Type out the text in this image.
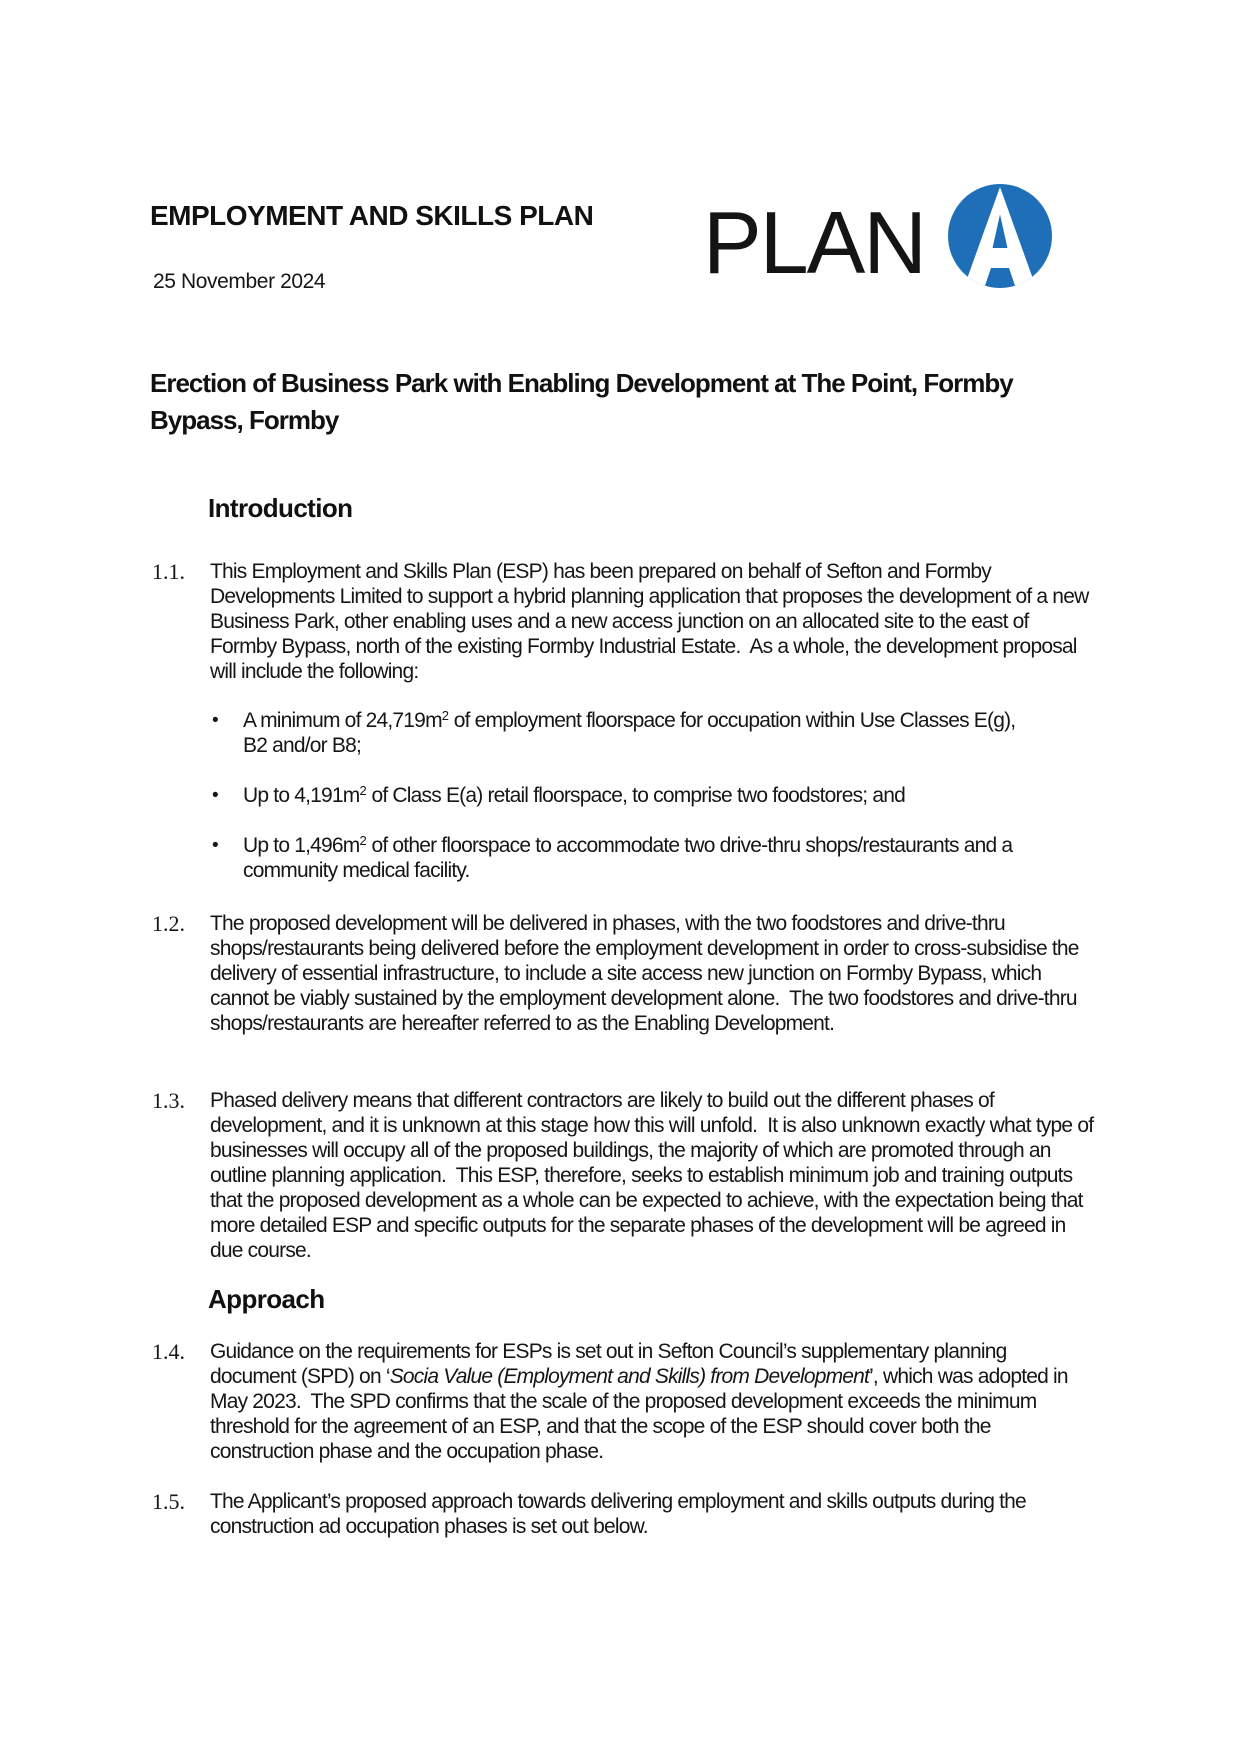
EMPLOYMENT AND SKILLS PLAN
25 November 2024	PLAN
Erection of Business Park with Enabling Development at The Point, Formby Bypass, Formby
Introduction
1.1.	This Employment and Skills Plan (ESP) has been prepared on behalf of Sefton and Formby Developments Limited to support a hybrid planning application that proposes the development of a new Business Park, other enabling uses and a new access junction on an allocated site to the east of Formby Bypass, north of the existing Formby Industrial Estate.  As a whole, the development proposal will include the following:
•	A minimum of $24,719m^2$ of employment floorspace for occupation within Use Classes E(g), B2 and/or B8;
•	Up to $4,191m^2$ of Class E(a) retail floorspace, to comprise two foodstores; and
•	Up to $1,496m^2$ of other floorspace to accommodate two drive-thru shops/restaurants and a community medical facility.
1.2.	The proposed development will be delivered in phases, with the two foodstores and drive-thru shops/restaurants being delivered before the employment development in order to cross-subsidise the delivery of essential infrastructure, to include a site access new junction on Formby Bypass, which cannot be viably sustained by the employment development alone.  The two foodstores and drive-thru shops/restaurants are hereafter referred to as the Enabling Development.
1.3.	Phased delivery means that different contractors are likely to build out the different phases of development, and it is unknown at this stage how this will unfold.  It is also unknown exactly what type of businesses will occupy all of the proposed buildings, the majority of which are promoted through an outline planning application.  This ESP, therefore, seeks to establish minimum job and training outputs that the proposed development as a whole can be expected to achieve, with the expectation being that more detailed ESP and specific outputs for the separate phases of the development will be agreed in due course.
Approach
1.4.	Guidance on the requirements for ESPs is set out in Sefton Council’s supplementary planning document (SPD) on ‘Socia Value (Employment and Skills) from Development’, which was adopted in May 2023.  The SPD confirms that the scale of the proposed development exceeds the minimum threshold for the agreement of an ESP, and that the scope of the ESP should cover both the construction phase and the occupation phase.
1.5.	The Applicant’s proposed approach towards delivering employment and skills outputs during the construction ad occupation phases is set out below.
